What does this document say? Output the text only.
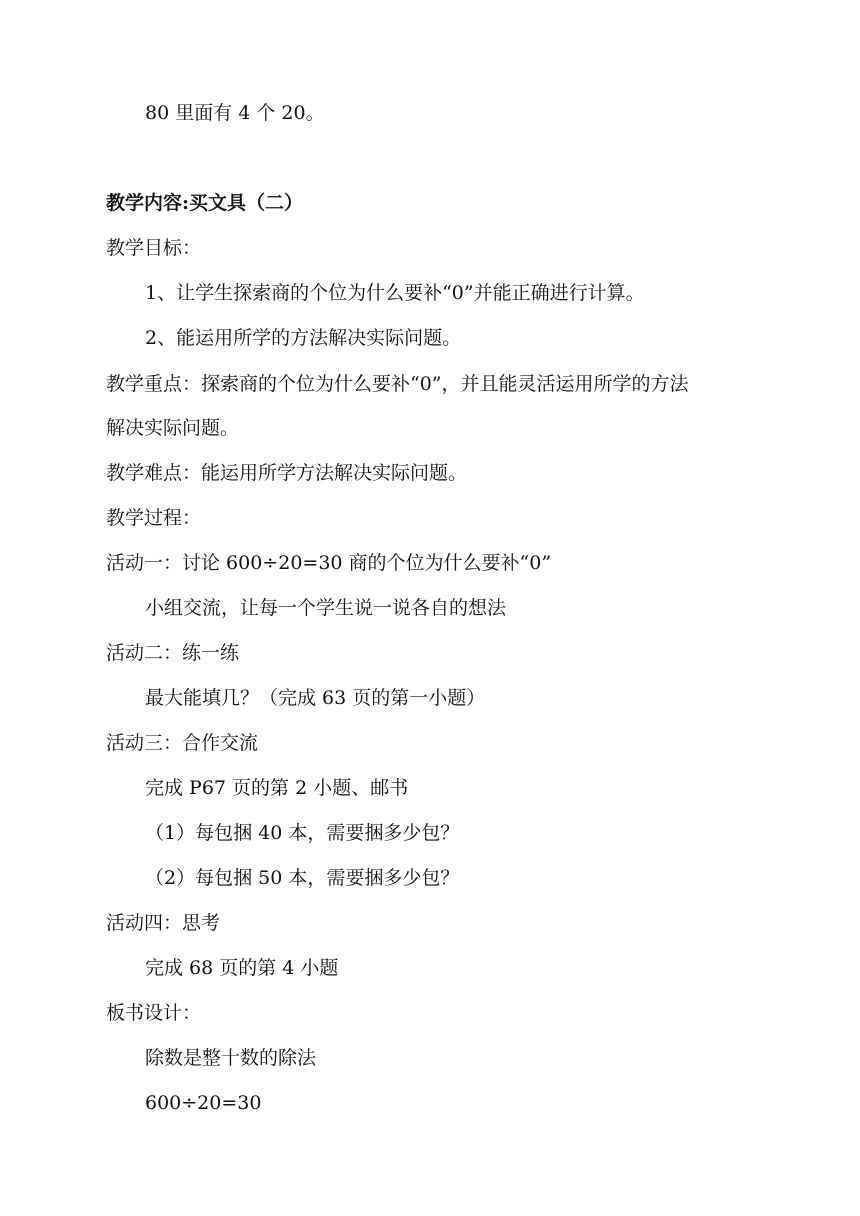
80 里面有 4 个 20。
教学内容:买文具（二）
教学目标：
1、让学生探索商的个位为什么要补“0”并能正确进行计算。
2、能运用所学的方法解决实际问题。
教学重点：探索商的个位为什么要补“0”，并且能灵活运用所学的方法
解决实际问题。
教学难点：能运用所学方法解决实际问题。
教学过程：
活动一：讨论 600÷20=30 商的个位为什么要补“0”
小组交流，让每一个学生说一说各自的想法
活动二：练一练
最大能填几？（完成 63 页的第一小题）
活动三：合作交流
完成 P67 页的第 2 小题、邮书
（1）每包捆 40 本，需要捆多少包？
（2）每包捆 50 本，需要捆多少包？
活动四：思考
完成 68 页的第 4 小题
板书设计：
除数是整十数的除法
600÷20=30
